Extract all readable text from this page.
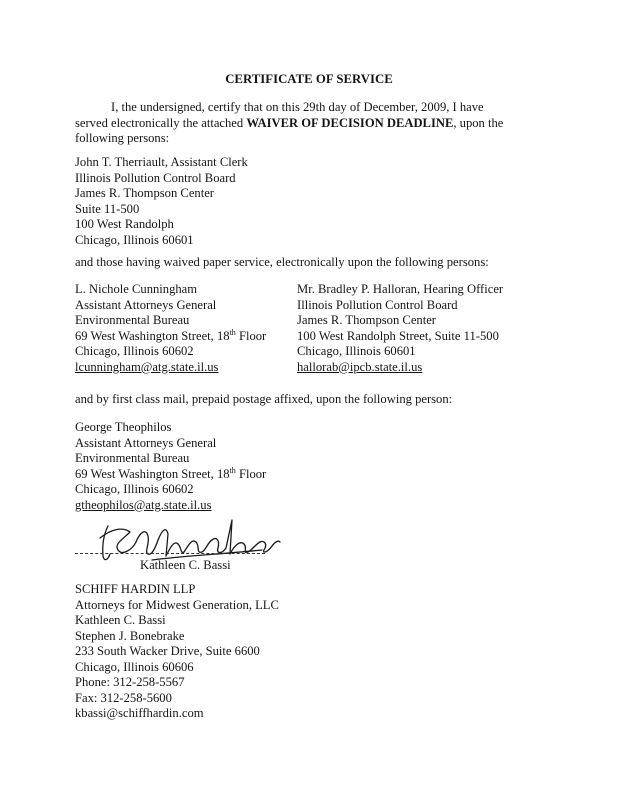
CERTIFICATE OF SERVICE
I, the undersigned, certify that on this 29th day of December, 2009, I have served electronically the attached WAIVER OF DECISION DEADLINE, upon the following persons:
John T. Therriault, Assistant Clerk
Illinois Pollution Control Board
James R. Thompson Center
Suite 11-500
100 West Randolph
Chicago, Illinois 60601
and those having waived paper service, electronically upon the following persons:
L. Nichole Cunningham
Assistant Attorneys General
Environmental Bureau
69 West Washington Street, 18th Floor
Chicago, Illinois 60602
lcunningham@atg.state.il.us
Mr. Bradley P. Halloran, Hearing Officer
Illinois Pollution Control Board
James R. Thompson Center
100 West Randolph Street, Suite 11-500
Chicago, Illinois 60601
hallorab@ipcb.state.il.us
and by first class mail, prepaid postage affixed, upon the following person:
George Theophilos
Assistant Attorneys General
Environmental Bureau
69 West Washington Street, 18th Floor
Chicago, Illinois 60602
gtheophilos@atg.state.il.us
Kathleen C. Bassi
SCHIFF HARDIN LLP
Attorneys for Midwest Generation, LLC
Kathleen C. Bassi
Stephen J. Bonebrake
233 South Wacker Drive, Suite 6600
Chicago, Illinois 60606
Phone: 312-258-5567
Fax: 312-258-5600
kbassi@schiffhardin.com
